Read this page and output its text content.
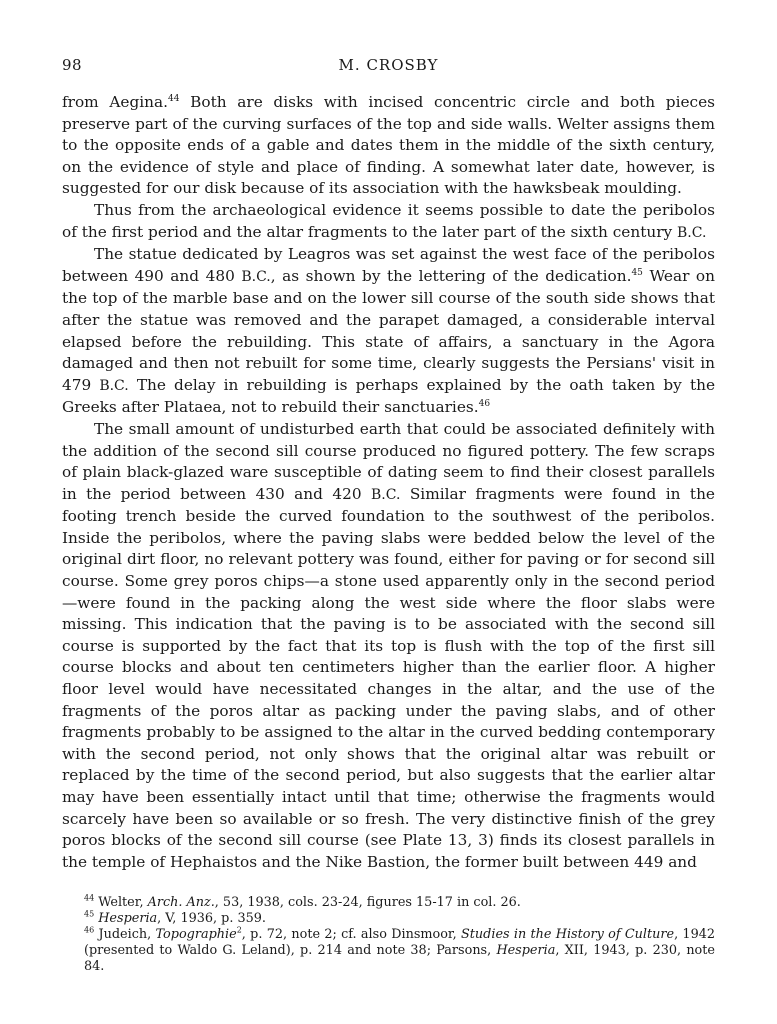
98	M. CROSBY

from Aegina.$^{44}$ Both are disks with incised concentric circle and both pieces preserve part of the curving surfaces of the top and side walls. Welter assigns them to the opposite ends of a gable and dates them in the middle of the sixth century, on the evidence of style and place of finding. A somewhat later date, however, is suggested for our disk because of its association with the hawksbeak moulding.

Thus from the archaeological evidence it seems possible to date the peribolos of the first period and the altar fragments to the later part of the sixth century B.C.

The statue dedicated by Leagros was set against the west face of the peribolos between 490 and 480 B.C., as shown by the lettering of the dedication.$^{45}$ Wear on the top of the marble base and on the lower sill course of the south side shows that after the statue was removed and the parapet damaged, a considerable interval elapsed before the rebuilding. This state of affairs, a sanctuary in the Agora damaged and then not rebuilt for some time, clearly suggests the Persians' visit in 479 B.C. The delay in rebuilding is perhaps explained by the oath taken by the Greeks after Plataea, not to rebuild their sanctuaries.$^{46}$

The small amount of undisturbed earth that could be associated definitely with the addition of the second sill course produced no figured pottery. The few scraps of plain black-glazed ware susceptible of dating seem to find their closest parallels in the period between 430 and 420 B.C. Similar fragments were found in the footing trench beside the curved foundation to the southwest of the peribolos. Inside the peribolos, where the paving slabs were bedded below the level of the original dirt floor, no relevant pottery was found, either for paving or for second sill course. Some grey poros chips—a stone used apparently only in the second period—were found in the packing along the west side where the floor slabs were missing. This indication that the paving is to be associated with the second sill course is supported by the fact that its top is flush with the top of the first sill course blocks and about ten centimeters higher than the earlier floor. A higher floor level would have necessitated changes in the altar, and the use of the fragments of the poros altar as packing under the paving slabs, and of other fragments probably to be assigned to the altar in the curved bedding contemporary with the second period, not only shows that the original altar was rebuilt or replaced by the time of the second period, but also suggests that the earlier altar may have been essentially intact until that time; otherwise the fragments would scarcely have been so available or so fresh. The very distinctive finish of the grey poros blocks of the second sill course (see Plate 13, 3) finds its closest parallels in the temple of Hephaistos and the Nike Bastion, the former built between 449 and

$^{44}$ Welter, Arch. Anz., 53, 1938, cols. 23-24, figures 15-17 in col. 26.

$^{45}$ Hesperia, V, 1936, p. 359.

$^{46}$ Judeich, Topographie$^2$, p. 72, note 2; cf. also Dinsmoor, Studies in the History of Culture, 1942 (presented to Waldo G. Leland), p. 214 and note 38; Parsons, Hesperia, XII, 1943, p. 230, note 84.
